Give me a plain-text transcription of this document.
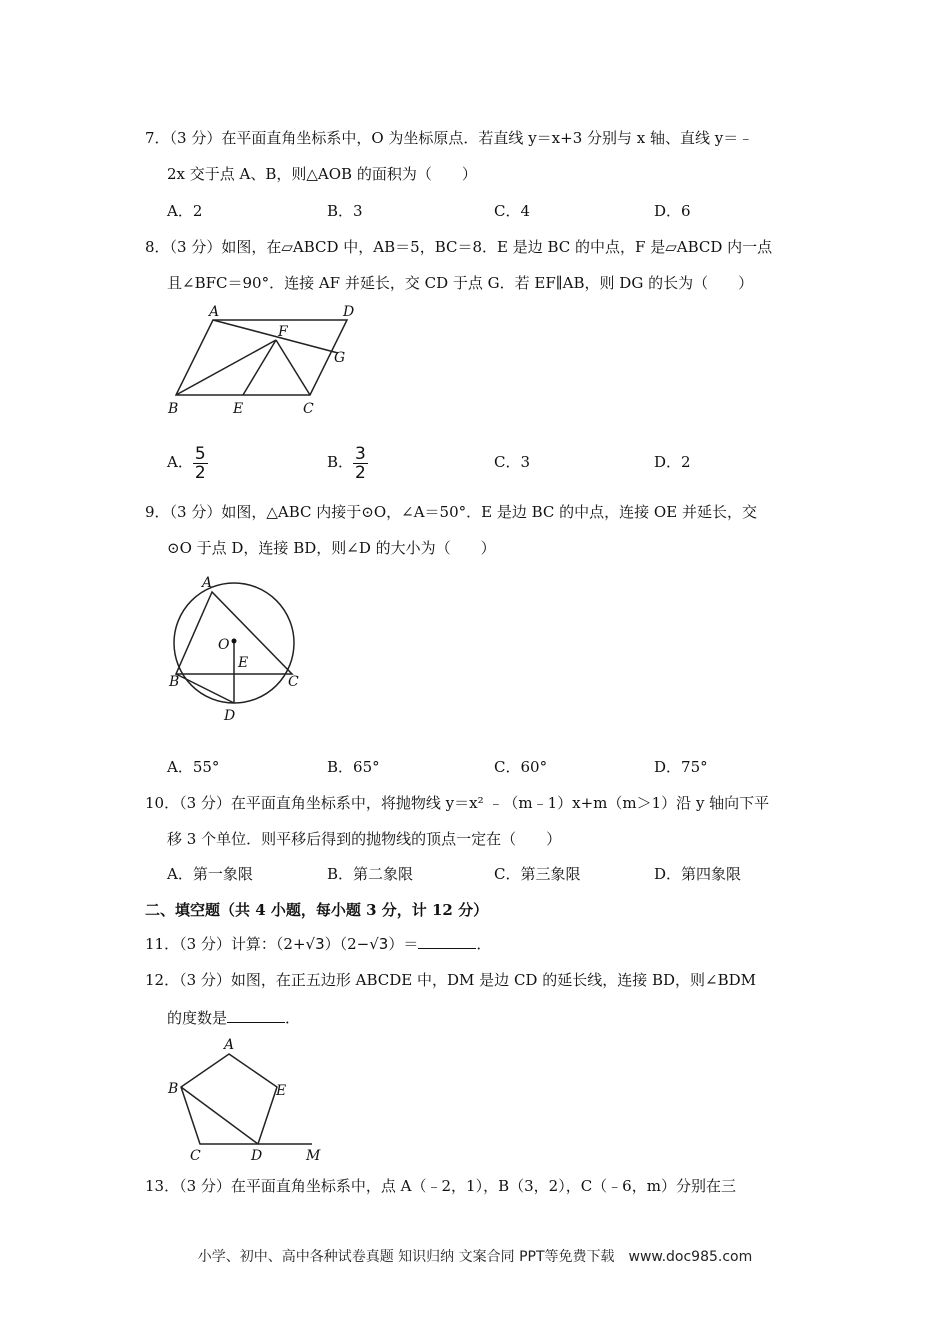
7．（3 分）在平面直角坐标系中，O 为坐标原点．若直线 y＝x+3 分别与 x 轴、直线 y＝﹣
2x 交于点 A、B，则△AOB 的面积为（　　）
A．2	B．3	C．4	D．6
8．（3 分）如图，在▱ABCD 中，AB＝5，BC＝8．E 是边 BC 的中点，F 是▱ABCD 内一点
且∠BFC＝90°．连接 AF 并延长，交 CD 于点 G．若 EF∥AB，则 DG 的长为（　　）
A	D
F
G
B	E	C
A． $\frac{5}{2}$	B． $\frac{3}{2}$	C．3	D．2
9．（3 分）如图，△ABC 内接于⊙O，∠A＝50°．E 是边 BC 的中点，连接 OE 并延长，交
⊙O 于点 D，连接 BD，则∠D 的大小为（　　）
A
O
E
B	C
D
A．55°	B．65°	C．60°	D．75°
10．（3 分）在平面直角坐标系中，将抛物线 y＝x² ﹣（m﹣1）x+m（m＞1）沿 y 轴向下平
移 3 个单位．则平移后得到的抛物线的顶点一定在（　　）
A．第一象限	B．第二象限	C．第三象限	D．第四象限
二、填空题（共 4 小题，每小题 3 分，计 12 分）
11．（3 分）计算：（2+√3）（2−√3）＝	．
12．（3 分）如图，在正五边形 ABCDE 中，DM 是边 CD 的延长线，连接 BD，则∠BDM
的度数是	．
A
B	E
C	D	M
13．（3 分）在平面直角坐标系中，点 A（﹣2，1），B（3，2），C（﹣6，m）分别在三
小学、初中、高中各种试卷真题 知识归纳 文案合同 PPT等免费下载　www.doc985.com
